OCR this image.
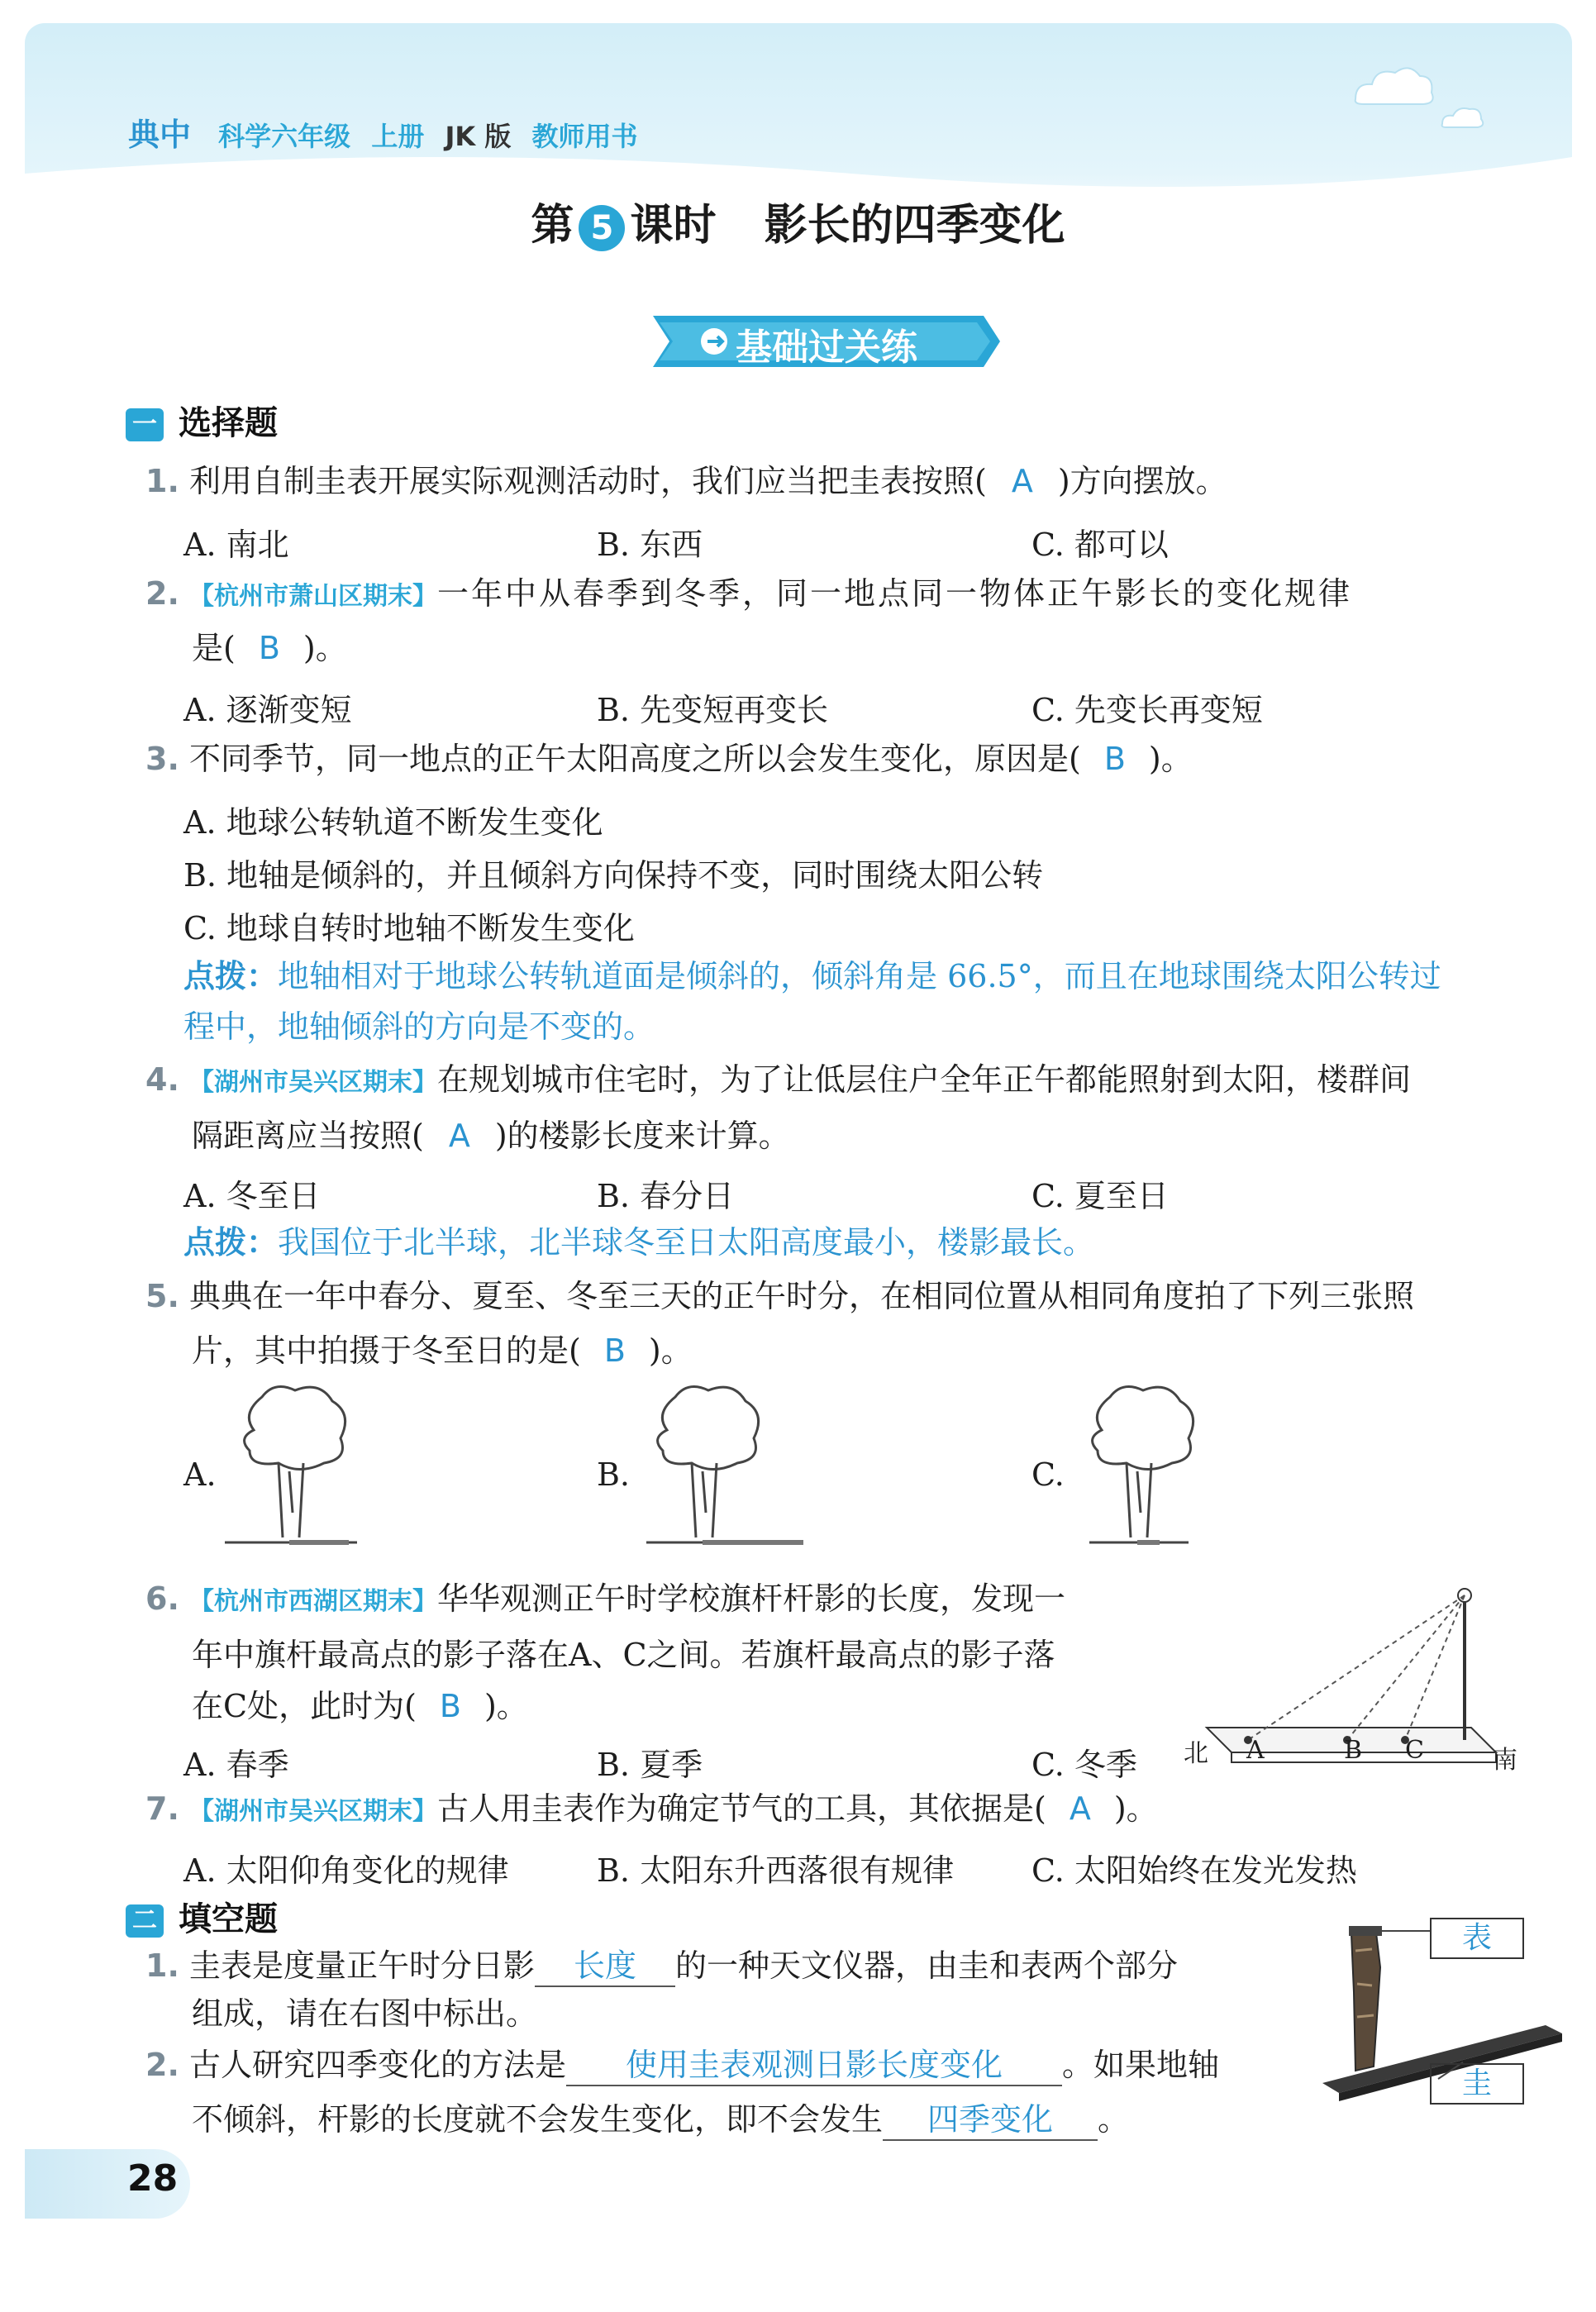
典中 科学六年级 上册 JK 版 教师用书
第 5 课时 影长的四季变化
基础过关练
一 选择题
1. 利用自制圭表开展实际观测活动时，我们应当把圭表按照( A )方向摆放。
A. 南北	B. 东西	C. 都可以
2. 【杭州市萧山区期末】一年中从春季到冬季，同一地点同一物体正午影长的变化规律
是( B )。
A. 逐渐变短	B. 先变短再变长	C. 先变长再变短
3. 不同季节，同一地点的正午太阳高度之所以会发生变化，原因是( B )。
A. 地球公转轨道不断发生变化
B. 地轴是倾斜的，并且倾斜方向保持不变，同时围绕太阳公转
C. 地球自转时地轴不断发生变化
点拨：地轴相对于地球公转轨道面是倾斜的，倾斜角是 66.5°，而且在地球围绕太阳公转过
程中，地轴倾斜的方向是不变的。
4. 【湖州市吴兴区期末】在规划城市住宅时，为了让低层住户全年正午都能照射到太阳，楼群间
隔距离应当按照( A )的楼影长度来计算。
A. 冬至日	B. 春分日	C. 夏至日
点拨：我国位于北半球，北半球冬至日太阳高度最小，楼影最长。
5. 典典在一年中春分、夏至、冬至三天的正午时分，在相同位置从相同角度拍了下列三张照
片，其中拍摄于冬至日的是( B )。
A.	B.	C.
6. 【杭州市西湖区期末】华华观测正午时学校旗杆杆影的长度，发现一
年中旗杆最高点的影子落在A、C之间。若旗杆最高点的影子落
在C处，此时为( B )。
A. 春季	B. 夏季	C. 冬季 北	南
A	B C
7. 【湖州市吴兴区期末】古人用圭表作为确定节气的工具，其依据是( A )。
A. 太阳仰角变化的规律	B. 太阳东升西落很有规律 C. 太阳始终在发光发热
二 填空题
1. 圭表是度量正午时分日影 长度 的一种天文仪器，由圭和表两个部分
组成，请在右图中标出。
2. 古人研究四季变化的方法是 使用圭表观测日影长度变化 。如果地轴
不倾斜，杆影的长度就不会发生变化，即不会发生 四季变化 。
表
圭
28
